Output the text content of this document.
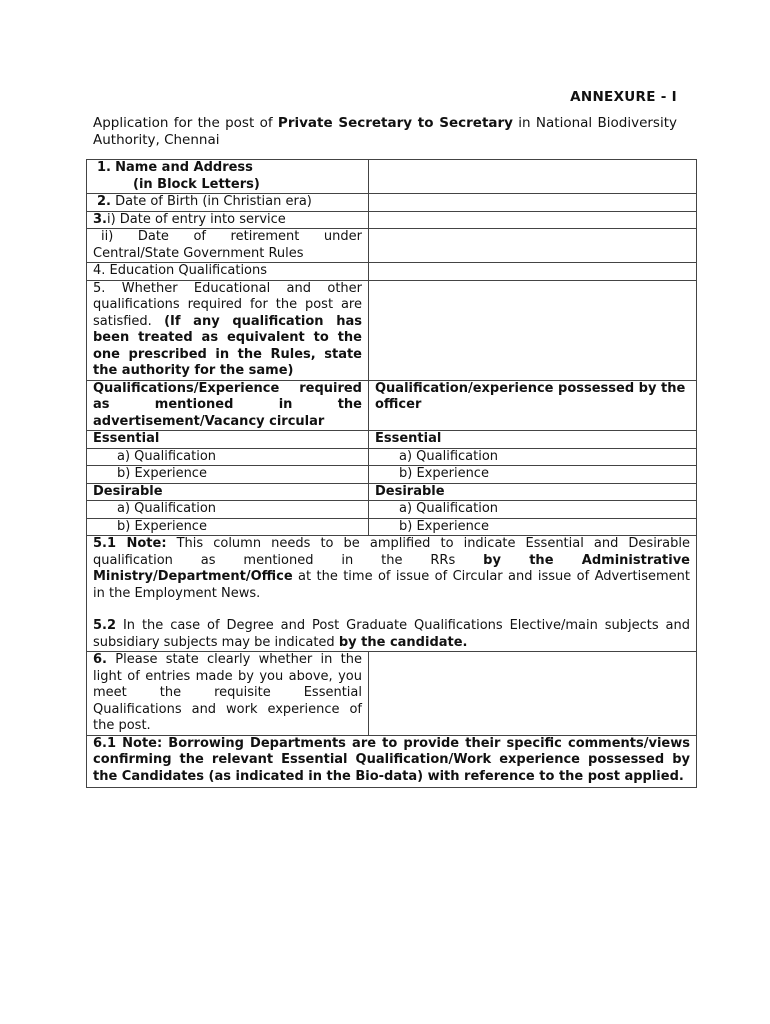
ANNEXURE - I
Application for the post of Private Secretary to Secretary in National Biodiversity Authority, Chennai
1. Name and Address
(in Block Letters)	
2. Date of Birth (in Christian era)	
3.i) Date of entry into service	

ii) Date of retirement under Central/State Government Rules	

4. Education Qualifications	
5. Whether Educational and other qualifications required for the post are satisfied. (If any qualification has been treated as equivalent to the one prescribed in the Rules, state the authority for the same)	
Qualifications/Experience required as mentioned in the advertisement/Vacancy circular	Qualification/experience possessed by the officer
Essential	Essential

a) Qualification	a) Qualification

b) Experience	b) Experience

Desirable	Desirable

a) Qualification	a) Qualification

b) Experience	b) Experience

5.1 Note: This column needs to be amplified to indicate Essential and Desirable qualification as mentioned in the RRs by the Administrative Ministry/Department/Office at the time of issue of Circular and issue of Advertisement in the Employment News.

5.2 In the case of Degree and Post Graduate Qualifications Elective/main subjects and subsidiary subjects may be indicated by the candidate.	

6. Please state clearly whether in the light of entries made by you above, you meet the requisite Essential Qualifications and work experience of the post.	
6.1 Note: Borrowing Departments are to provide their specific comments/views confirming the relevant Essential Qualification/Work experience possessed by the Candidates (as indicated in the Bio-data) with reference to the post applied.	
